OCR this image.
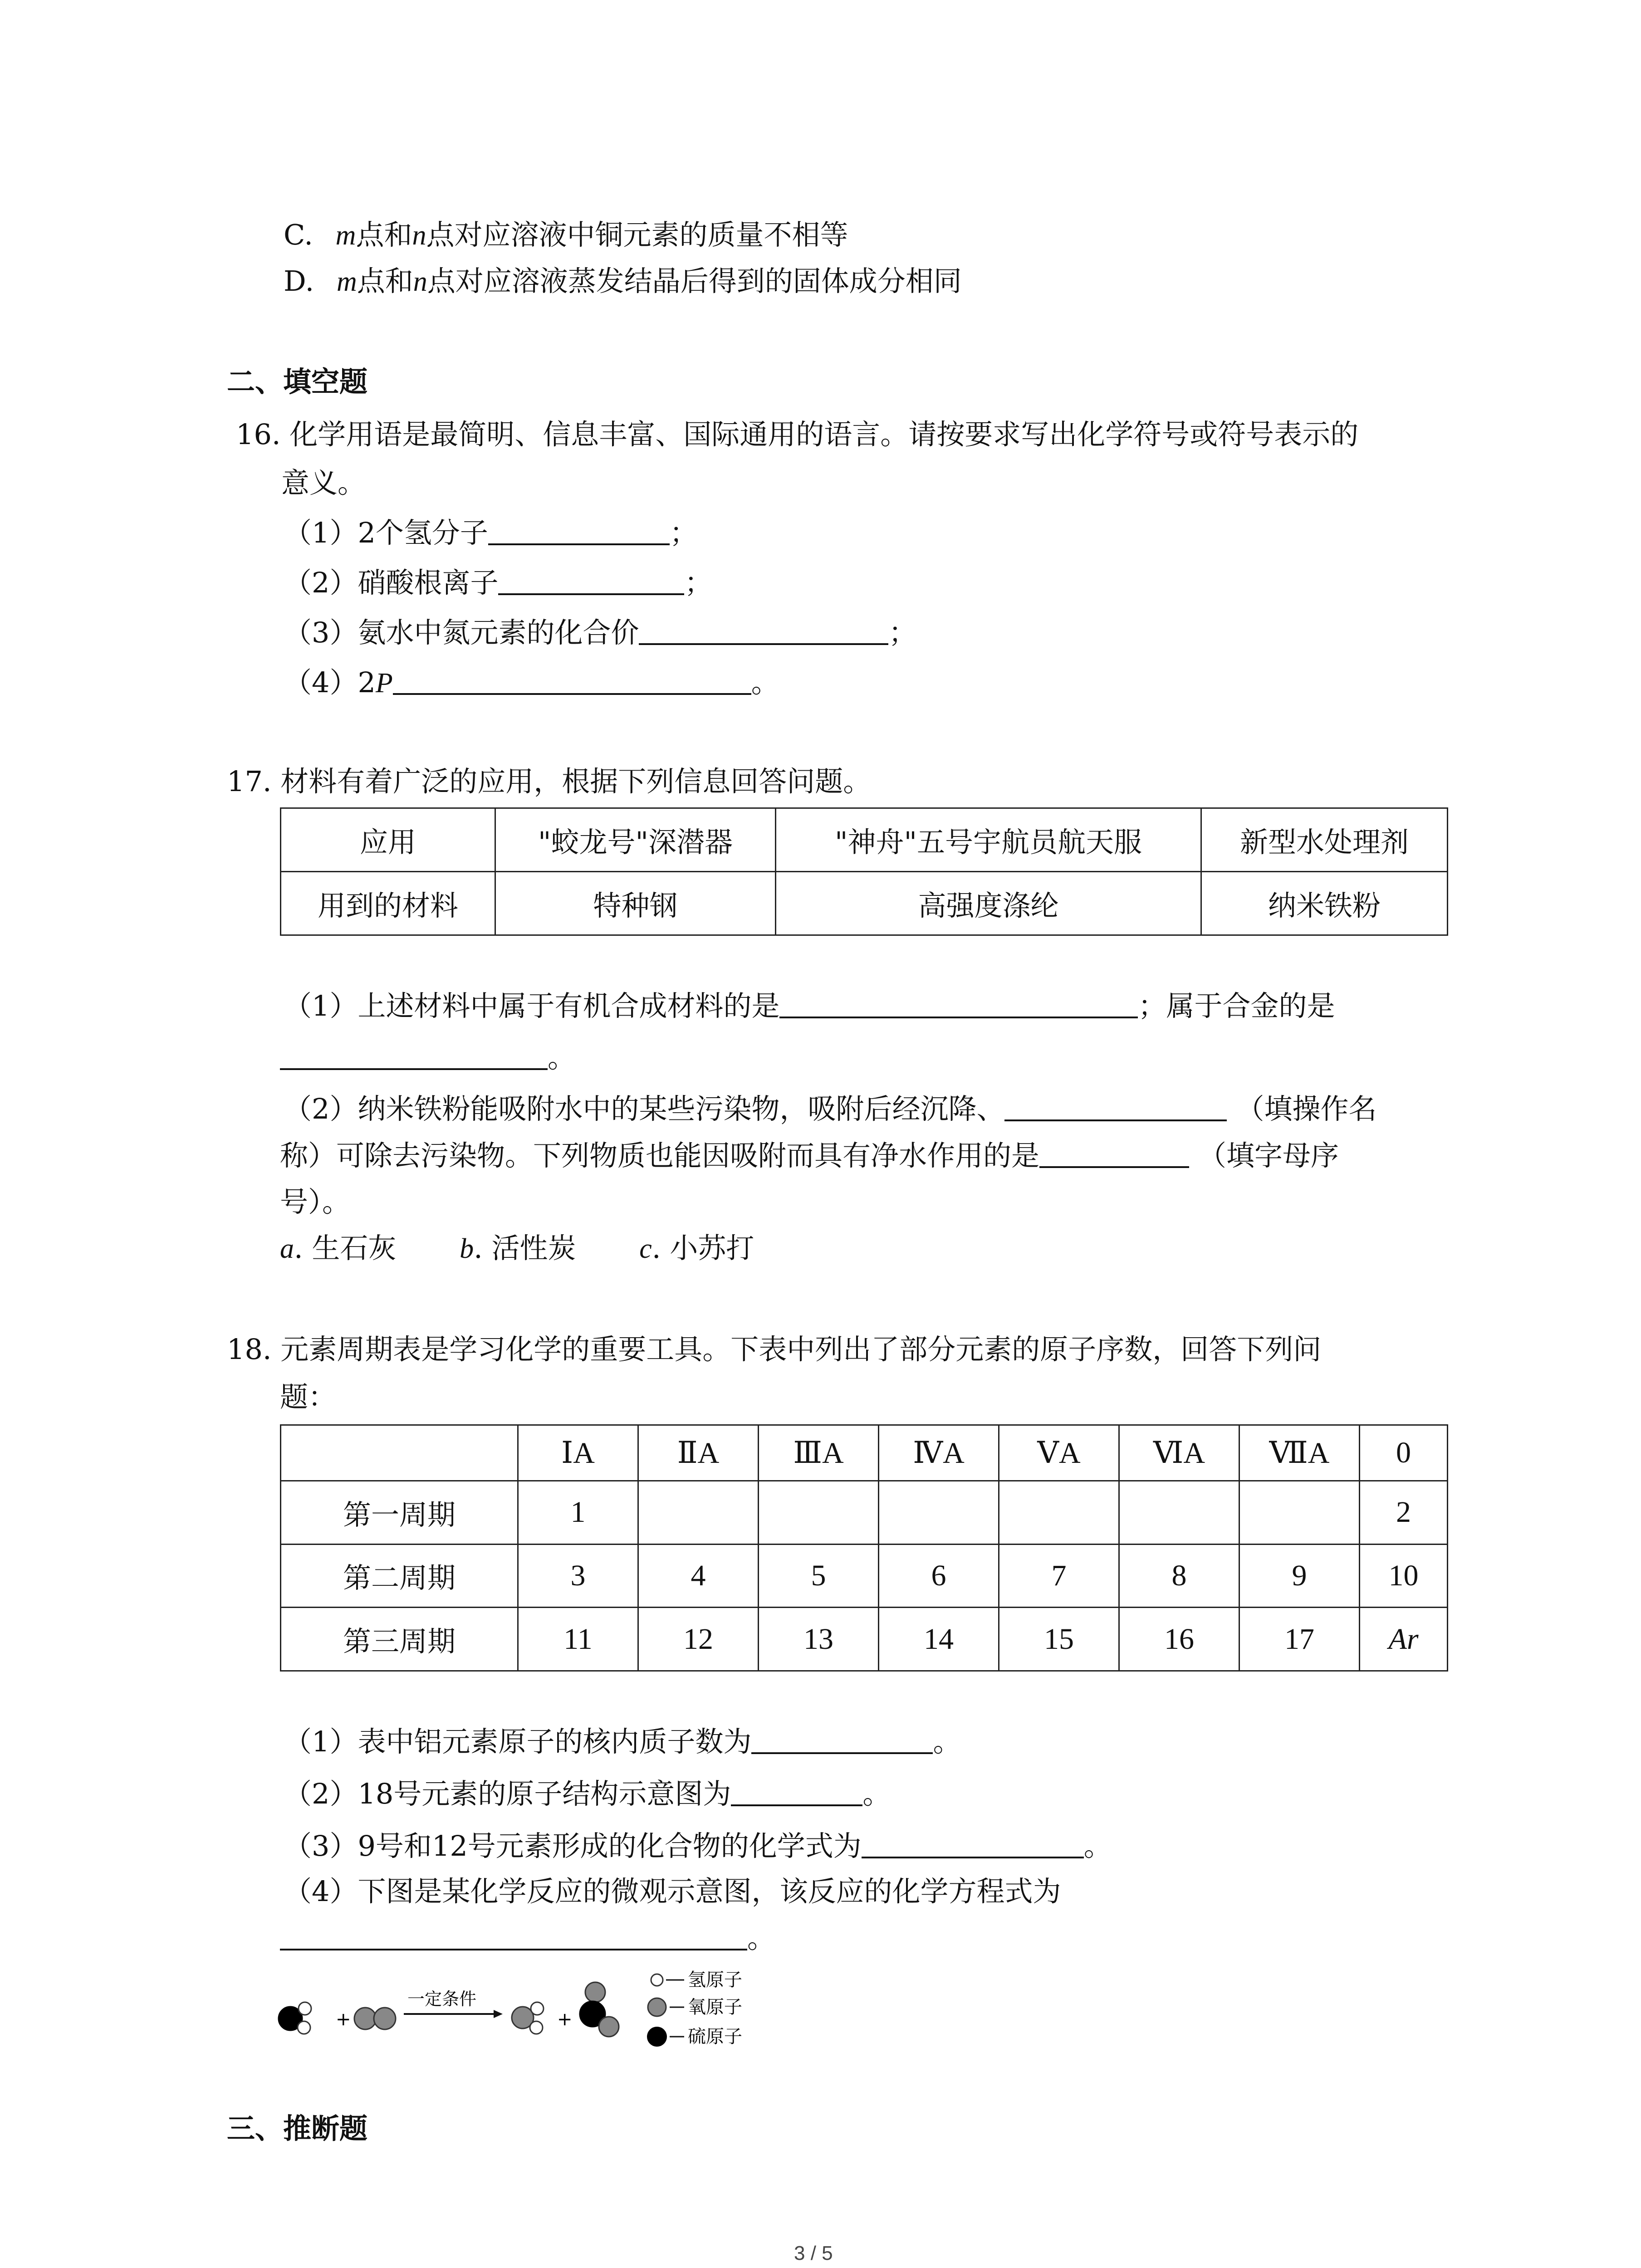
C. m点和n点对应溶液中铜元素的质量不相等
D. m点和n点对应溶液蒸发结晶后得到的固体成分相同
二、填空题
16. 化学用语是最简明、信息丰富、国际通用的语言。请按要求写出化学符号或符号表示的
意义。
（1）2个氢分子	；
（2）硝酸根离子	；
（3）氨水中氮元素的化合价	；
（4）2P	。
17. 材料有着广泛的应用，根据下列信息回答问题。
应用	"蛟龙号"深潜器	"神舟"五号宇航员航天服	新型水处理剂
用到的材料	特种钢	高强度涤纶	纳米铁粉
（1）上述材料中属于有机合成材料的是	；属于合金的是
。
（2）纳米铁粉能吸附水中的某些污染物，吸附后经沉降、	（填操作名
称）可除去污染物。下列物质也能因吸附而具有净水作用的是	（填字母序
号）。
a. 生石灰 b. 活性炭 c. 小苏打
18. 元素周期表是学习化学的重要工具。下表中列出了部分元素的原子序数，回答下列问
题：
	ⅠA	ⅡA	ⅢA	ⅣA	ⅤA	ⅥA	ⅦA	0
第一周期	1							2
第二周期	3	4	5	6	7	8	9	10
第三周期	11	12	13	14	15	16	17	Ar
（1）表中铝元素原子的核内质子数为	。
（2）18号元素的原子结构示意图为	。
（3）9号和12号元素形成的化合物的化学式为	。
（4）下图是某化学反应的微观示意图，该反应的化学方程式为
。
+
一定条件
+
氢原子
氧原子
硫原子
三、推断题
3 / 5
